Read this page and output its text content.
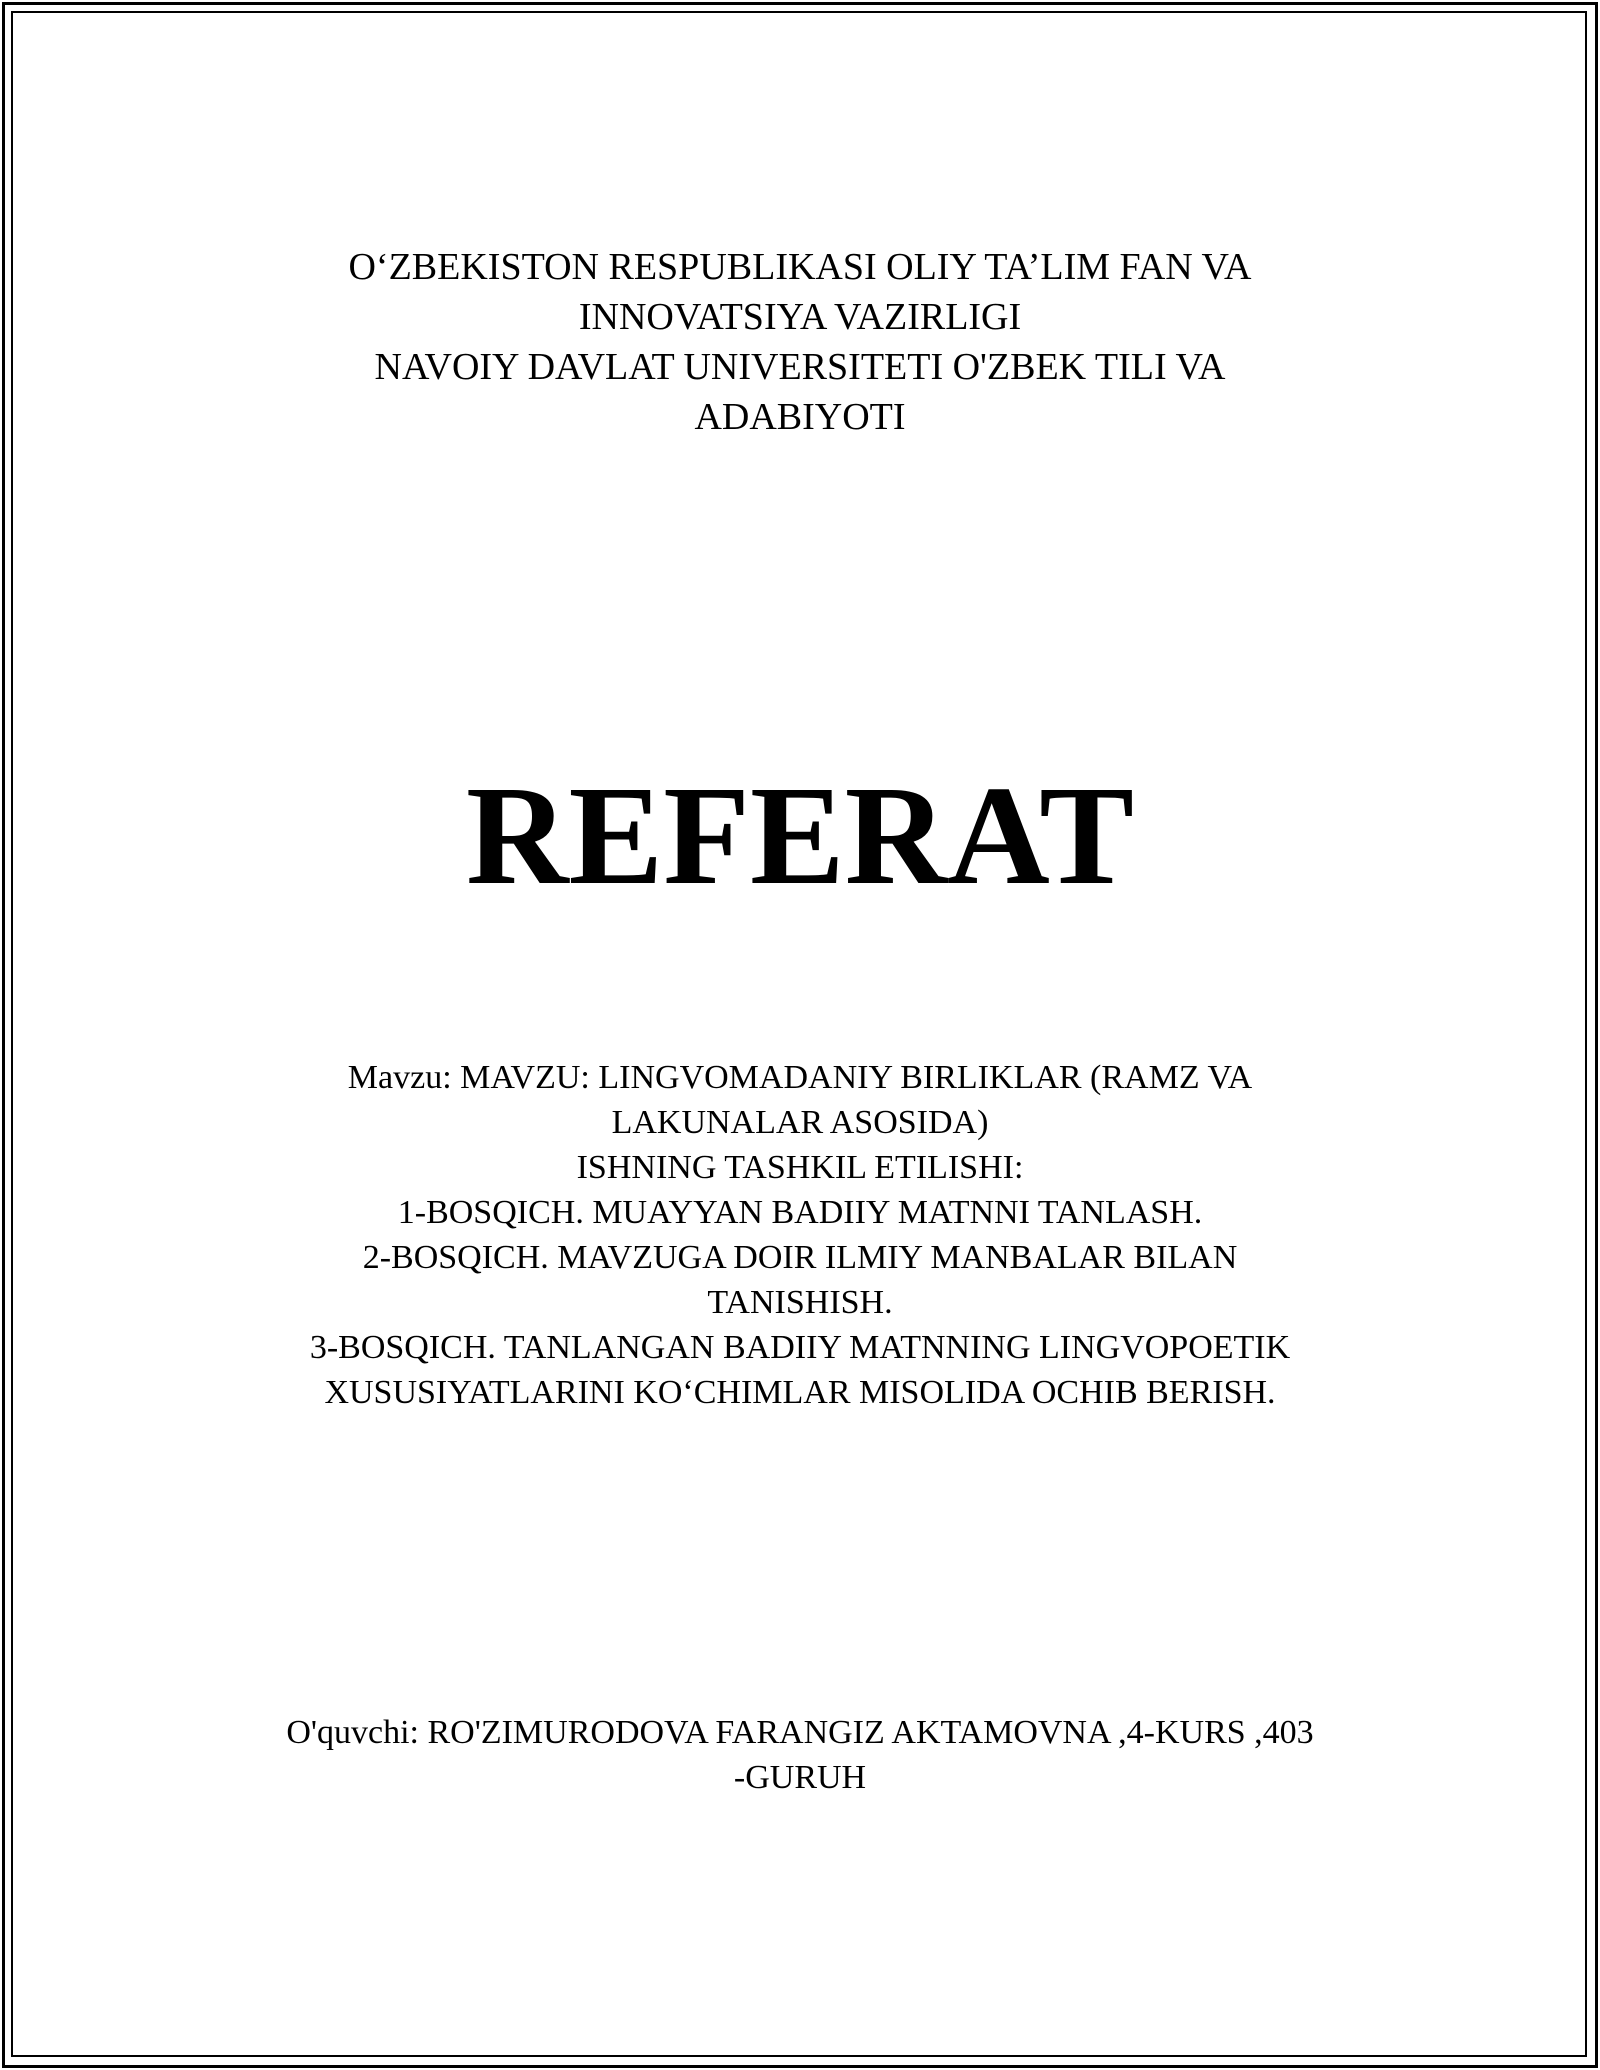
O‘ZBEKISTON RESPUBLIKASI OLIY TA’LIM FAN VA
INNOVATSIYA VAZIRLIGI
NAVOIY DAVLAT UNIVERSITETI O'ZBEK TILI VA
ADABIYOTI
REFERAT
Mavzu: MAVZU: LINGVOMADANIY BIRLIKLAR (RAMZ VA
LAKUNALAR ASOSIDA)
ISHNING TASHKIL ETILISHI:
1-BOSQICH. MUAYYAN BADIIY MATNNI TANLASH.
2-BOSQICH. MAVZUGA DOIR ILMIY MANBALAR BILAN
TANISHISH.
3-BOSQICH. TANLANGAN BADIIY MATNNING LINGVOPOETIK
XUSUSIYATLARINI KO‘CHIMLAR MISOLIDA OCHIB BERISH.
O'quvchi: RO'ZIMURODOVA FARANGIZ AKTAMOVNA ,4-KURS ,403
-GURUH
